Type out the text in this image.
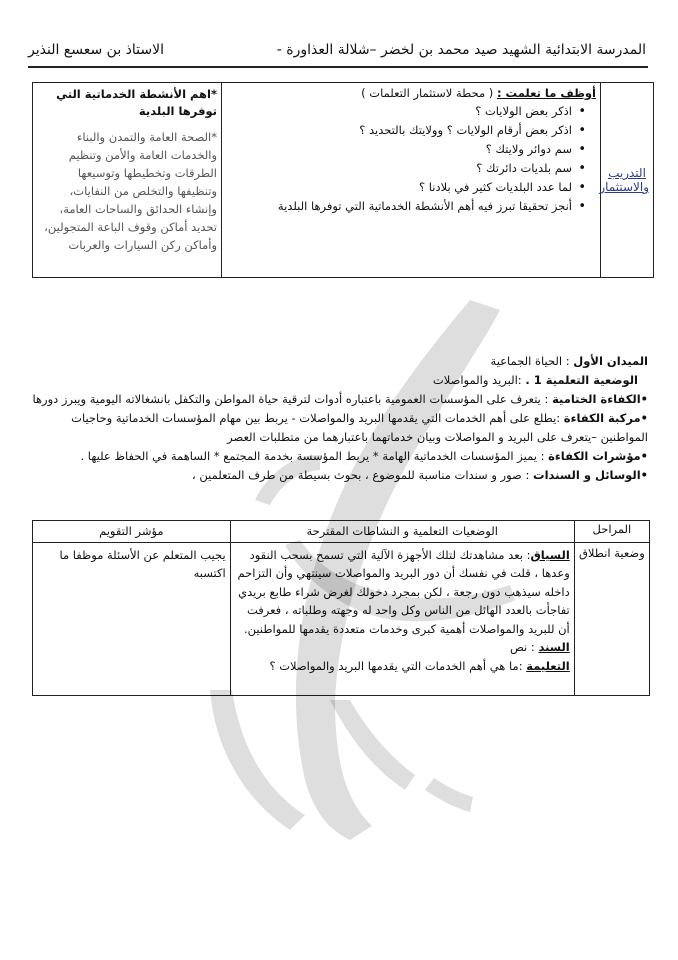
المدرسة الابتدائية الشهيد صيد محمد بن لخضر –شلالة العذاورة -
الاستاذ بن سعسع النذير
التدريب والاستثمار	
أوظف ما تعلمت : ( محطة لاستثمار التعلمات )
• اذكر بعض الولايات ؟
• اذكر بعض أرقام الولايات ؟ وولايتك بالتحديد ؟
• سم دوائر ولايتك ؟
• سم بلديات دائرتك ؟
• لما عدد البلديات كثير في بلادنا ؟
• أنجز تحقيقا تبرز فيه أهم الأنشطة الخدماتية التي توفرها البلدية

*اهم الأنشطة الخدماتية التي توفرها البلدية
*الصحة العامة والتمدن والبناء والخدمات العامة والأمن وتنظيم الطرقات وتخطيطها وتوسيعها وتنظيفها والتخلص من النفايات، وإنشاء الحدائق والساحات العامة، تحديد أماكن وقوف الباعة المتجولين، وأماكن ركن السيارات والعربات

الميدان الأول : الحياة الجماعية

الوضعية التعلمية 1 . :البريد والمواصلات

•الكفاءة الختامية : يتعرف على المؤسسات العمومية باعتباره أدوات لترقية حياة المواطن والتكفل بانشغالاته اليومية ويبرز دورها

•مركبة الكفاءة :يطلع على أهم الخدمات التي يقدمها البريد والمواصلات - يربط بين مهام المؤسسات الخدماتية وحاجيات المواطنين –يتعرف على البريد و المواصلات وبيان خدماتهما باعتبارهما من متطلبات العصر

•مؤشرات الكفاءة : يميز المؤسسات الخدماتية الهامة * يربط المؤسسة بخدمة المجتمع * الساهمة في الحفاظ عليها .

•الوسائل و السندات : صور و سندات مناسبة للموضوع ، بحوث بسيطة من طرف المتعلمين ،

المراحل	الوضعيات التعلمية و النشاطات المقترحة	مؤشر التقويم
وضعية انطلاق	السياق: بعد مشاهدتك لتلك الأجهزة الآلية التي تسمح بسحب النقود وعدها ، قلت في نفسك أن دور البريد والمواصلات سينتهي وأن التزاحم داخله سيذهب دون رجعة ، لكن بمجرد دخولك لغرض شراء طابع بريدي تفاجأت بالعدد الهائل من الناس وكل واحد له وجهته وطلباته ، فعرفت أن للبريد والمواصلات أهمية كبرى وخدمات متعددة يقدمها للمواطنين.
السند : نص
التعليمة :ما هي أهم الخدمات التي يقدمها البريد والمواصلات ؟	يجيب المتعلم عن الأسئلة موظفا ما اكتسبه
